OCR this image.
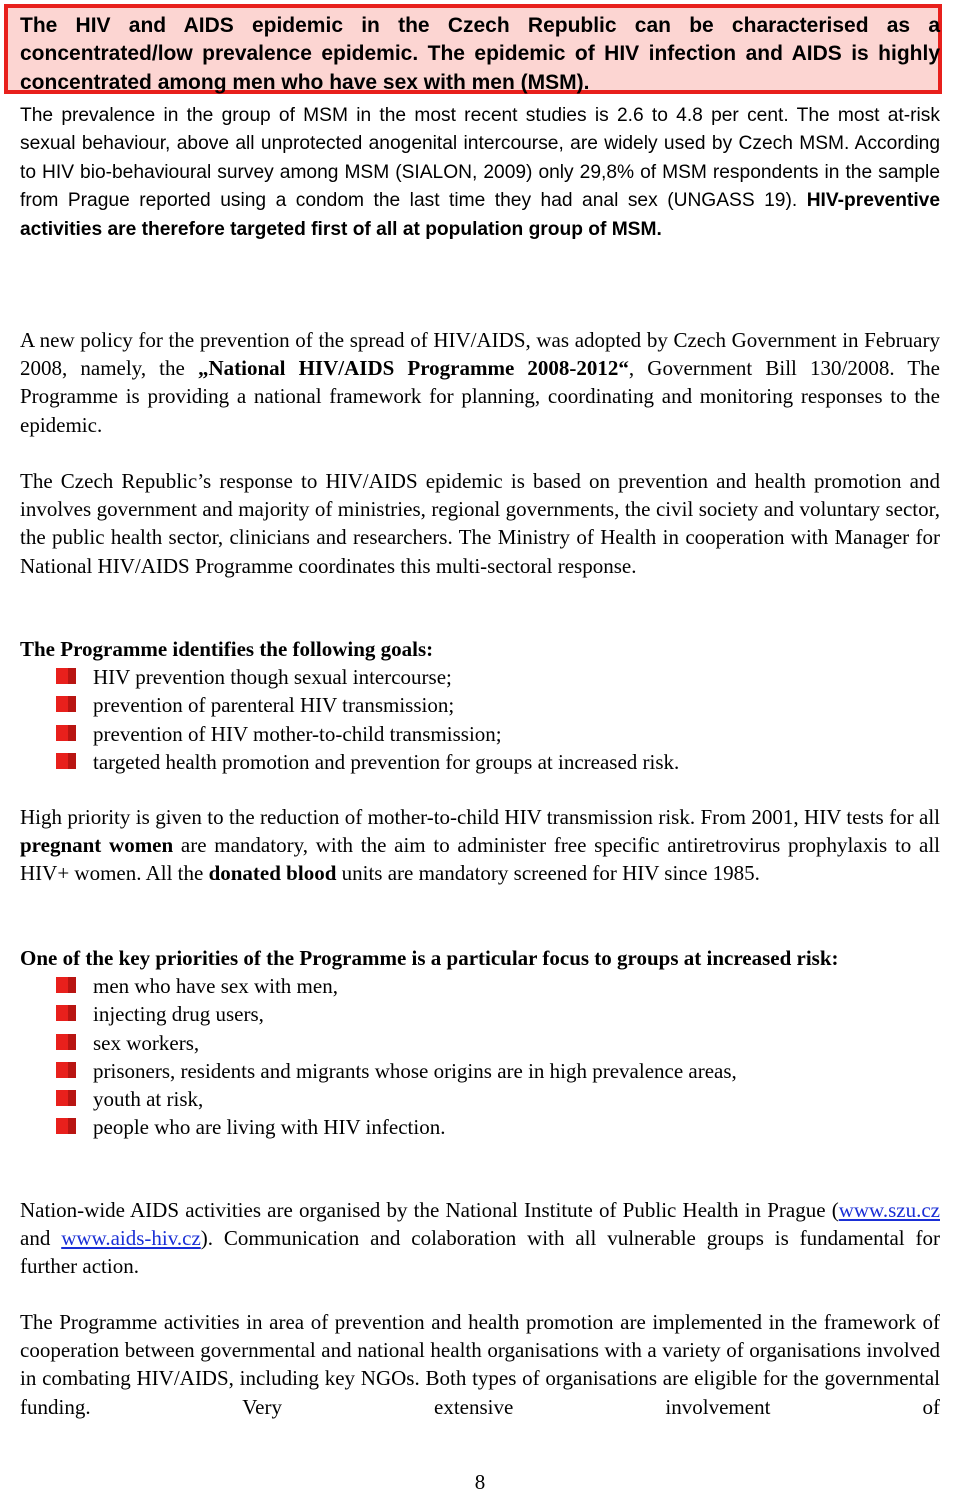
The HIV and AIDS epidemic in the Czech Republic can be characterised as a concentrated/low prevalence epidemic. The epidemic of HIV infection and AIDS is highly concentrated among men who have sex with men (MSM).

The prevalence in the group of MSM in the most recent studies is 2.6 to 4.8 per cent. The most at-risk sexual behaviour, above all unprotected anogenital intercourse, are widely used by Czech MSM. According to HIV bio-behavioural survey among MSM (SIALON, 2009) only 29,8% of MSM respondents in the sample from Prague reported using a condom the last time they had anal sex (UNGASS 19). HIV-preventive activities are therefore targeted first of all at population group of MSM.

A new policy for the prevention of the spread of HIV/AIDS, was adopted by Czech Government in February 2008, namely, the „National HIV/AIDS Programme 2008-2012“, Government Bill 130/2008. The Programme is providing a national framework for planning, coordinating and monitoring responses to the epidemic.

The Czech Republic’s response to HIV/AIDS epidemic is based on prevention and health promotion and involves government and majority of ministries, regional governments, the civil society and voluntary sector, the public health sector, clinicians and researchers. The Ministry of Health in cooperation with Manager for National HIV/AIDS Programme coordinates this multi-sectoral response.

The Programme identifies the following goals:

HIV prevention though sexual intercourse;
prevention of parenteral HIV transmission;
prevention of HIV mother-to-child transmission;
targeted health promotion and prevention for groups at increased risk.

High priority is given to the reduction of mother-to-child HIV transmission risk. From 2001, HIV tests for all pregnant women are mandatory, with the aim to administer free specific antiretrovirus prophylaxis to all HIV+ women. All the donated blood units are mandatory screened for HIV since 1985.

One of the key priorities of the Programme is a particular focus to groups at increased risk:

men who have sex with men,
injecting drug users,
sex workers,
prisoners, residents and migrants whose origins are in high prevalence areas,
youth at risk,
people who are living with HIV infection.

Nation-wide AIDS activities are organised by the National Institute of Public Health in Prague (www.szu.cz and www.aids-hiv.cz). Communication and colaboration with all vulnerable groups is fundamental for further action.

The Programme activities in area of prevention and health promotion are implemented in the framework of cooperation between governmental and national health organisations with a variety of organisations involved in combating HIV/AIDS, including key NGOs. Both types of organisations are eligible for the governmental funding. Very extensive involvement of

8
